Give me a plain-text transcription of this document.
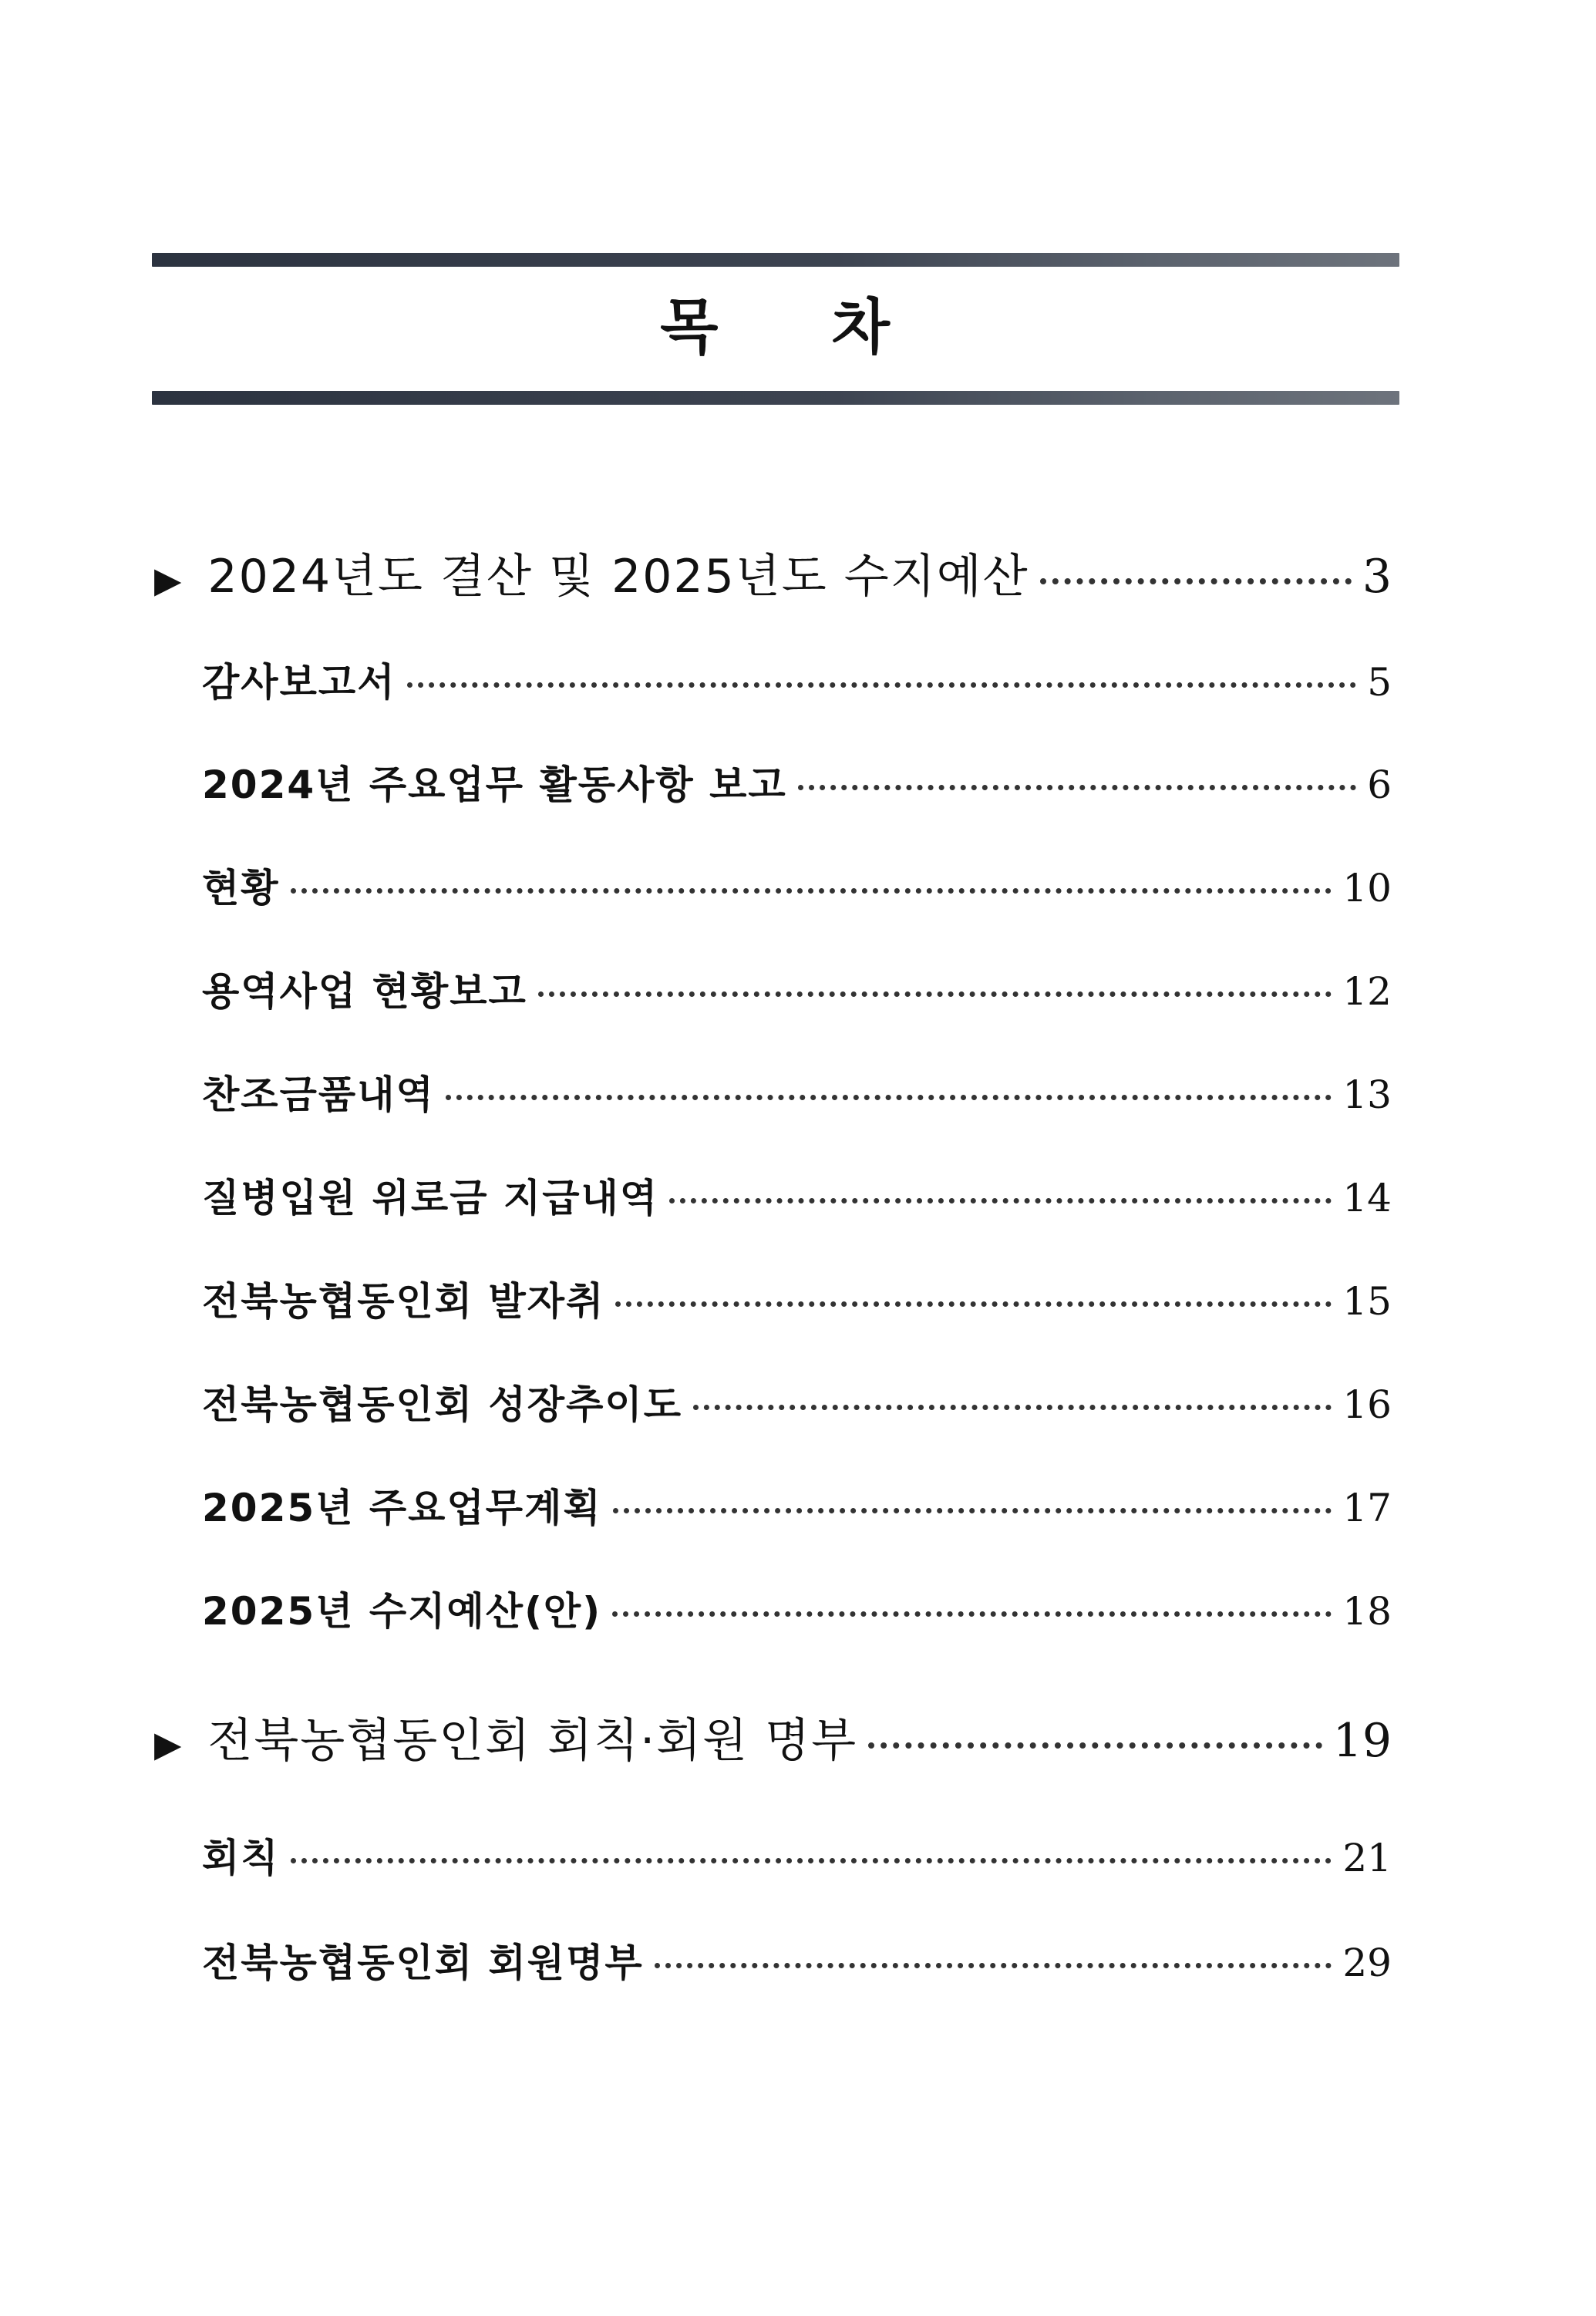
목 차
▶ 2024년도 결산 및 2025년도 수지예산	3
감사보고서	5
2024년 주요업무 활동사항 보고	6
현황	10
용역사업 현황보고	12
찬조금품내역	13
질병입원 위로금 지급내역	14
전북농협동인회 발자취	15
전북농협동인회 성장추이도	16
2025년 주요업무계획	17
2025년 수지예산(안)	18
▶ 전북농협동인회 회칙·회원 명부	19
회칙	21
전북농협동인회 회원명부	29
